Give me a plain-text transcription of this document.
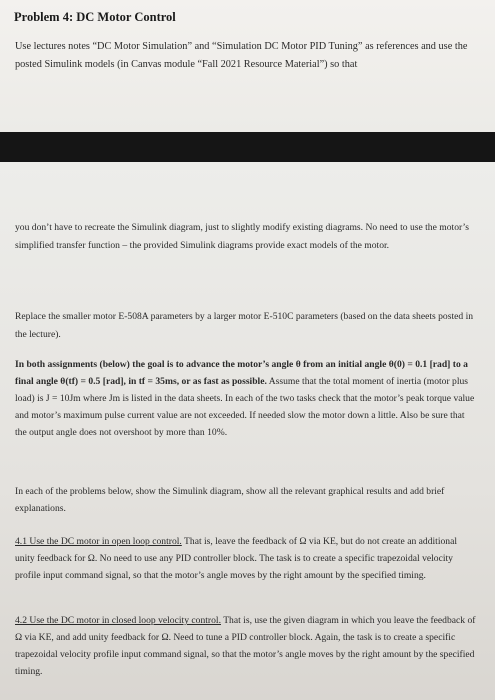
Problem 4: DC Motor Control
Use lectures notes “DC Motor Simulation” and “Simulation DC Motor PID Tuning” as references and use the posted Simulink models (in Canvas module “Fall 2021 Resource Material”) so that
you don’t have to recreate the Simulink diagram, just to slightly modify existing diagrams. No need to use the motor’s simplified transfer function – the provided Simulink diagrams provide exact models of the motor.
Replace the smaller motor E-508A parameters by a larger motor E-510C parameters (based on the data sheets posted in the lecture).
In both assignments (below) the goal is to advance the motor’s angle θ from an initial angle θ(0) = 0.1 [rad] to a final angle θ(tf) = 0.5 [rad], in tf = 35ms, or as fast as possible. Assume that the total moment of inertia (motor plus load) is J = 10Jm where Jm is listed in the data sheets. In each of the two tasks check that the motor’s peak torque value and motor’s maximum pulse current value are not exceeded. If needed slow the motor down a little. Also be sure that the output angle does not overshoot by more than 10%.
In each of the problems below, show the Simulink diagram, show all the relevant graphical results and add brief explanations.
4.1 Use the DC motor in open loop control. That is, leave the feedback of Ω via KE, but do not create an additional unity feedback for Ω. No need to use any PID controller block. The task is to create a specific trapezoidal velocity profile input command signal, so that the motor’s angle moves by the right amount by the specified timing.
4.2 Use the DC motor in closed loop velocity control. That is, use the given diagram in which you leave the feedback of Ω via KE, and add unity feedback for Ω. Need to tune a PID controller block. Again, the task is to create a specific trapezoidal velocity profile input command signal, so that the motor’s angle moves by the right amount by the specified timing.
